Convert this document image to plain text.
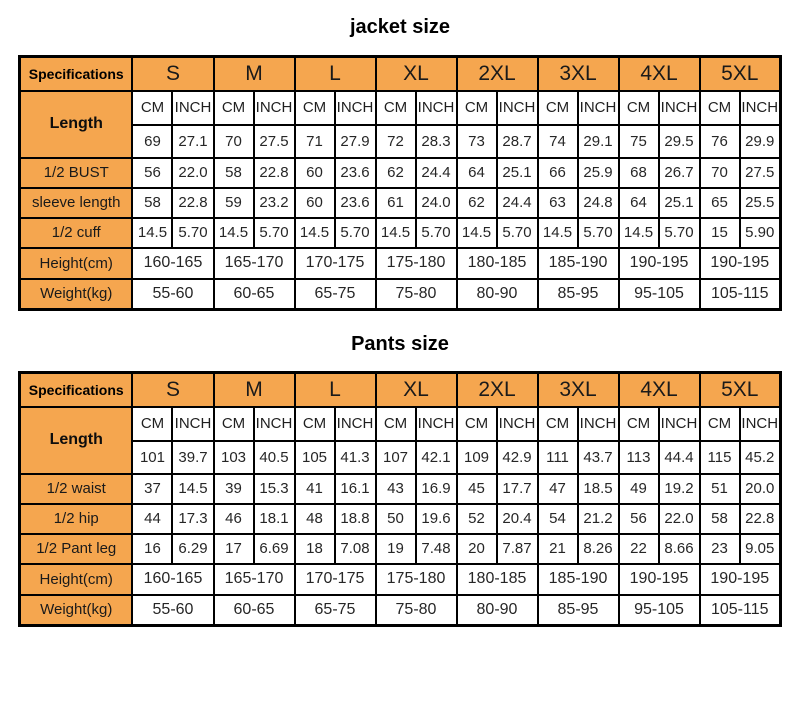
jacket size
Specifications	S		M		L		XL		2XL		3XL		4XL		5XL	
Length	CM	INCH	CM	INCH	CM	INCH	CM	INCH	CM	INCH	CM	INCH	CM	INCH	CM	INCH
	69	27.1	70	27.5	71	27.9	72	28.3	73	28.7	74	29.1	75	29.5	76	29.9
1/2 BUST	56	22.0	58	22.8	60	23.6	62	24.4	64	25.1	66	25.9	68	26.7	70	27.5
sleeve length	58	22.8	59	23.2	60	23.6	61	24.0	62	24.4	63	24.8	64	25.1	65	25.5
1/2 cuff	14.5	5.70	14.5	5.70	14.5	5.70	14.5	5.70	14.5	5.70	14.5	5.70	14.5	5.70	15	5.90
Height(cm)	160-165		165-170		170-175		175-180		180-185		185-190		190-195		190-195	
Weight(kg)	55-60		60-65		65-75		75-80		80-90		85-95		95-105		105-115	
Pants size
Specifications	S		M		L		XL		2XL		3XL		4XL		5XL	
Length	CM	INCH	CM	INCH	CM	INCH	CM	INCH	CM	INCH	CM	INCH	CM	INCH	CM	INCH
	101	39.7	103	40.5	105	41.3	107	42.1	109	42.9	111	43.7	113	44.4	115	45.2
1/2 waist	37	14.5	39	15.3	41	16.1	43	16.9	45	17.7	47	18.5	49	19.2	51	20.0
1/2 hip	44	17.3	46	18.1	48	18.8	50	19.6	52	20.4	54	21.2	56	22.0	58	22.8
1/2 Pant leg	16	6.29	17	6.69	18	7.08	19	7.48	20	7.87	21	8.26	22	8.66	23	9.05
Height(cm)	160-165		165-170		170-175		175-180		180-185		185-190		190-195		190-195	
Weight(kg)	55-60		60-65		65-75		75-80		80-90		85-95		95-105		105-115	
